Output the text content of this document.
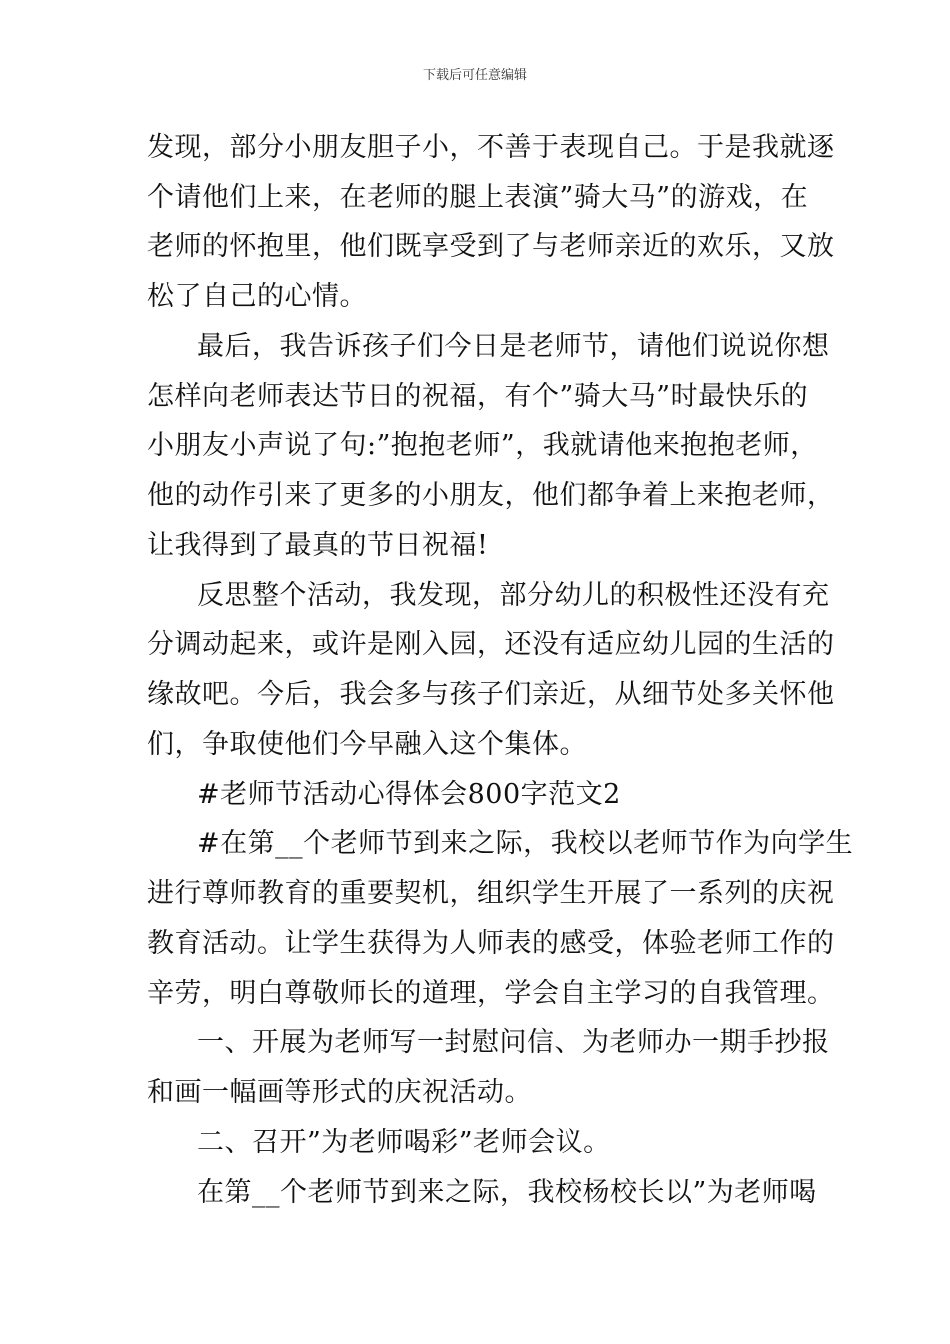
下载后可任意编辑
发现，部分小朋友胆子小，不善于表现自己。于是我就逐
个请他们上来，在老师的腿上表演”骑大马”的游戏，在
老师的怀抱里，他们既享受到了与老师亲近的欢乐，又放
松了自己的心情。
最后，我告诉孩子们今日是老师节，请他们说说你想
怎样向老师表达节日的祝福，有个”骑大马”时最快乐的
小朋友小声说了句:”抱抱老师”，我就请他来抱抱老师，
他的动作引来了更多的小朋友，他们都争着上来抱老师，
让我得到了最真的节日祝福!
反思整个活动，我发现，部分幼儿的积极性还没有充
分调动起来，或许是刚入园，还没有适应幼儿园的生活的
缘故吧。今后，我会多与孩子们亲近，从细节处多关怀他
们，争取使他们今早融入这个集体。
#老师节活动心得体会800字范文2
#在第__个老师节到来之际，我校以老师节作为向学生
进行尊师教育的重要契机，组织学生开展了一系列的庆祝
教育活动。让学生获得为人师表的感受，体验老师工作的
辛劳，明白尊敬师长的道理，学会自主学习的自我管理。
一、开展为老师写一封慰问信、为老师办一期手抄报
和画一幅画等形式的庆祝活动。
二、召开”为老师喝彩”老师会议。
在第__个老师节到来之际，我校杨校长以”为老师喝
